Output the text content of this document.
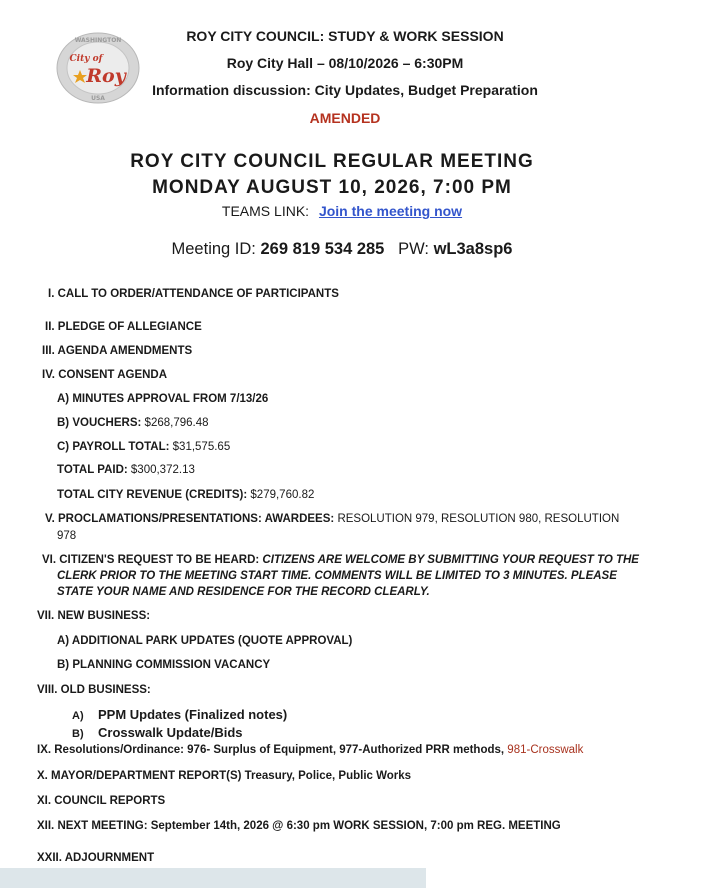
WASHINGTON
City of
Roy
USA
ROY CITY COUNCIL: STUDY & WORK SESSION
Roy City Hall – 08/10/2026 – 6:30PM
Information discussion: City Updates, Budget Preparation
AMENDED
ROY CITY COUNCIL REGULAR MEETING
MONDAY AUGUST 10, 2026, 7:00 PM
TEAMS LINK: Join the meeting now
Meeting ID: 269 819 534 285 PW: wL3a8sp6
I. CALL TO ORDER/ATTENDANCE OF PARTICIPANTS
II. PLEDGE OF ALLEGIANCE
III. AGENDA AMENDMENTS
IV. CONSENT AGENDA
A) MINUTES APPROVAL FROM 7/13/26
B) VOUCHERS: $268,796.48
C) PAYROLL TOTAL: $31,575.65
TOTAL PAID: $300,372.13
TOTAL CITY REVENUE (CREDITS): $279,760.82
V. PROCLAMATIONS/PRESENTATIONS: AWARDEES: RESOLUTION 979, RESOLUTION 980, RESOLUTION
978
VI. CITIZEN'S REQUEST TO BE HEARD: CITIZENS ARE WELCOME BY SUBMITTING YOUR REQUEST TO THE
CLERK PRIOR TO THE MEETING START TIME. COMMENTS WILL BE LIMITED TO 3 MINUTES. PLEASE
STATE YOUR NAME AND RESIDENCE FOR THE RECORD CLEARLY.
VII. NEW BUSINESS:
A) ADDITIONAL PARK UPDATES (QUOTE APPROVAL)
B) PLANNING COMMISSION VACANCY
VIII. OLD BUSINESS:
A) PPM Updates (Finalized notes)
B) Crosswalk Update/Bids
IX. Resolutions/Ordinance: 976- Surplus of Equipment, 977-Authorized PRR methods, 981-Crosswalk
X. MAYOR/DEPARTMENT REPORT(S) Treasury, Police, Public Works
XI. COUNCIL REPORTS
XII. NEXT MEETING: September 14th, 2026 @ 6:30 pm WORK SESSION, 7:00 pm REG. MEETING
XXII. ADJOURNMENT
